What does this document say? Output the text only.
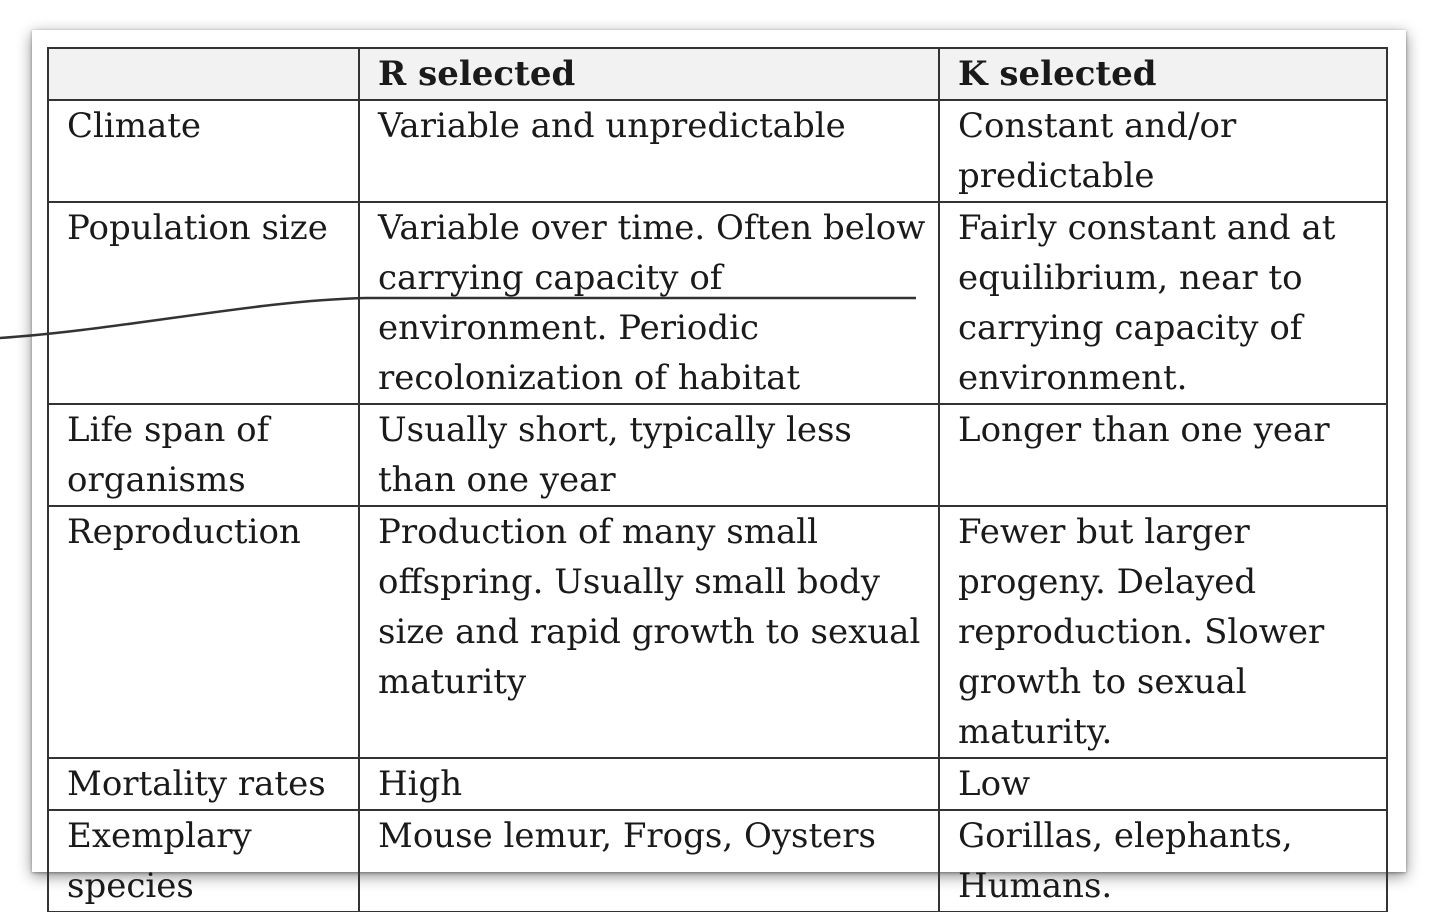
	R selected	K selected
Climate	Variable and unpredictable	Constant and/or predictable
Population size	Variable over time. Often below carrying capacity of environment. Periodic recolonization of habitat	Fairly constant and at equilibrium, near to carrying capacity of environment.
Life span of organisms	Usually short, typically less than one year	Longer than one year
Reproduction	Production of many small offspring. Usually small body size and rapid growth to sexual maturity	Fewer but larger progeny. Delayed reproduction. Slower growth to sexual maturity.
Mortality rates	High	Low
Exemplary species	Mouse lemur, Frogs, Oysters	Gorillas, elephants, Humans.
